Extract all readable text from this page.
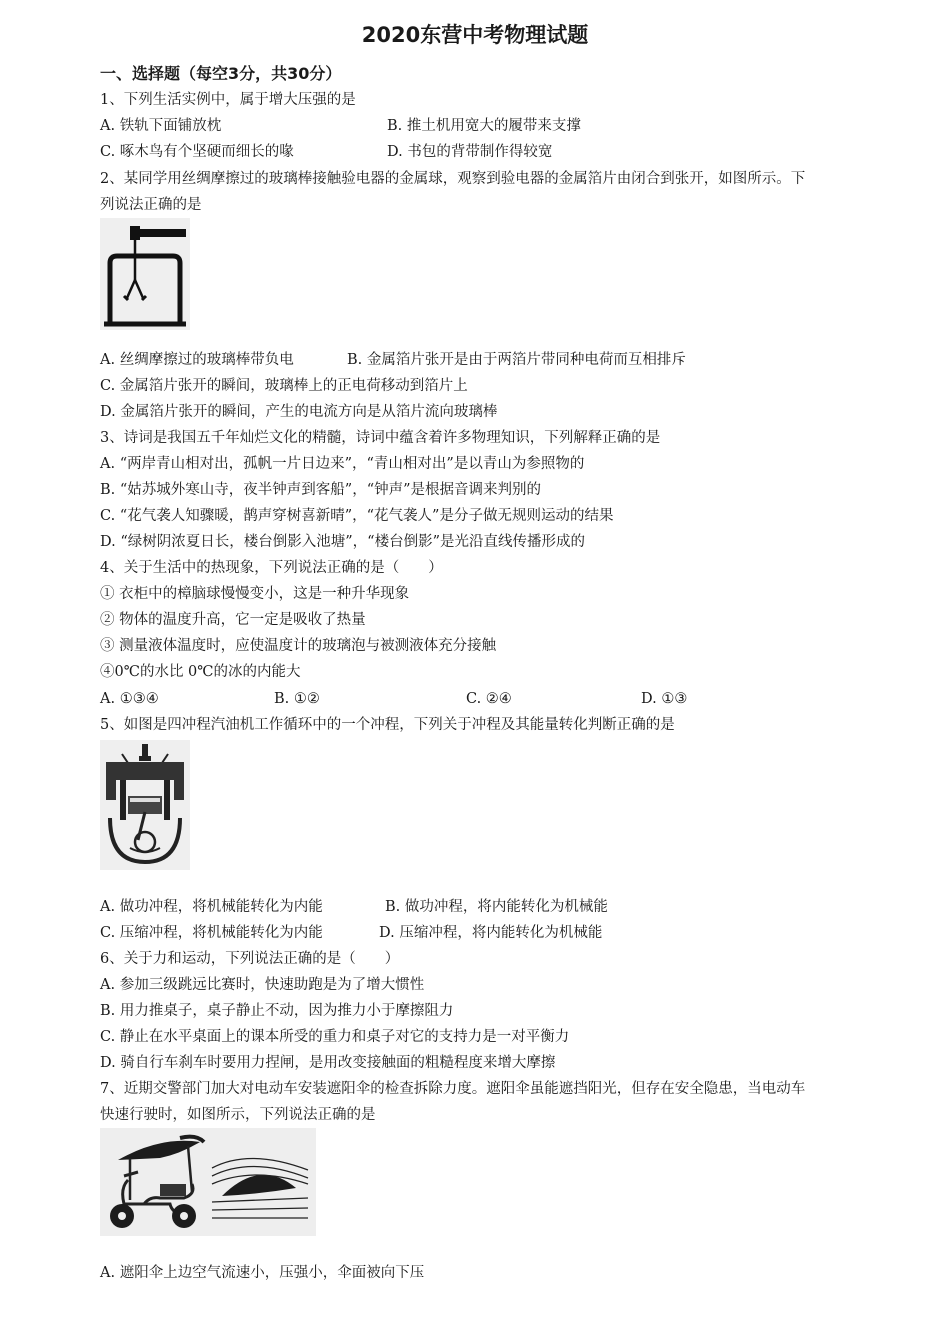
2020东营中考物理试题
一、选择题（每空3分，共30分）
1、下列生活实例中，属于增大压强的是
A. 铁轨下面铺放枕	B. 推土机用宽大的履带来支撑
C. 啄木鸟有个坚硬而细长的喙	D. 书包的背带制作得较宽
2、某同学用丝绸摩擦过的玻璃棒接触验电器的金属球，观察到验电器的金属箔片由闭合到张开，如图所示。下
列说法正确的是
A. 丝绸摩擦过的玻璃棒带负电	B. 金属箔片张开是由于两箔片带同种电荷而互相排斥
C. 金属箔片张开的瞬间，玻璃棒上的正电荷移动到箔片上
D. 金属箔片张开的瞬间，产生的电流方向是从箔片流向玻璃棒
3、诗词是我国五千年灿烂文化的精髓，诗词中蕴含着许多物理知识，下列解释正确的是
A. “两岸青山相对出，孤帆一片日边来”，“青山相对出”是以青山为参照物的
B. “姑苏城外寒山寺，夜半钟声到客船”，“钟声”是根据音调来判别的
C. “花气袭人知骤暖，鹊声穿树喜新晴”，“花气袭人”是分子做无规则运动的结果
D. “绿树阴浓夏日长，楼台倒影入池塘”，“楼台倒影”是光沿直线传播形成的
4、关于生活中的热现象，下列说法正确的是（　　）
① 衣柜中的樟脑球慢慢变小，这是一种升华现象
② 物体的温度升高，它一定是吸收了热量
③ 测量液体温度时，应使温度计的玻璃泡与被测液体充分接触
④0℃的水比 0℃的冰的内能大
A. ①③④	B. ①②	C. ②④	D. ①③
5、如图是四冲程汽油机工作循环中的一个冲程，下列关于冲程及其能量转化判断正确的是
A. 做功冲程，将机械能转化为内能	B. 做功冲程，将内能转化为机械能
C. 压缩冲程，将机械能转化为内能	D. 压缩冲程，将内能转化为机械能
6、关于力和运动，下列说法正确的是（　　）
A. 参加三级跳远比赛时，快速助跑是为了增大惯性
B. 用力推桌子，桌子静止不动，因为推力小于摩擦阻力
C. 静止在水平桌面上的课本所受的重力和桌子对它的支持力是一对平衡力
D. 骑自行车刹车时要用力捏闸，是用改变接触面的粗糙程度来增大摩擦
7、近期交警部门加大对电动车安装遮阳伞的检查拆除力度。遮阳伞虽能遮挡阳光，但存在安全隐患，当电动车
快速行驶时，如图所示，下列说法正确的是
A. 遮阳伞上边空气流速小，压强小，伞面被向下压
